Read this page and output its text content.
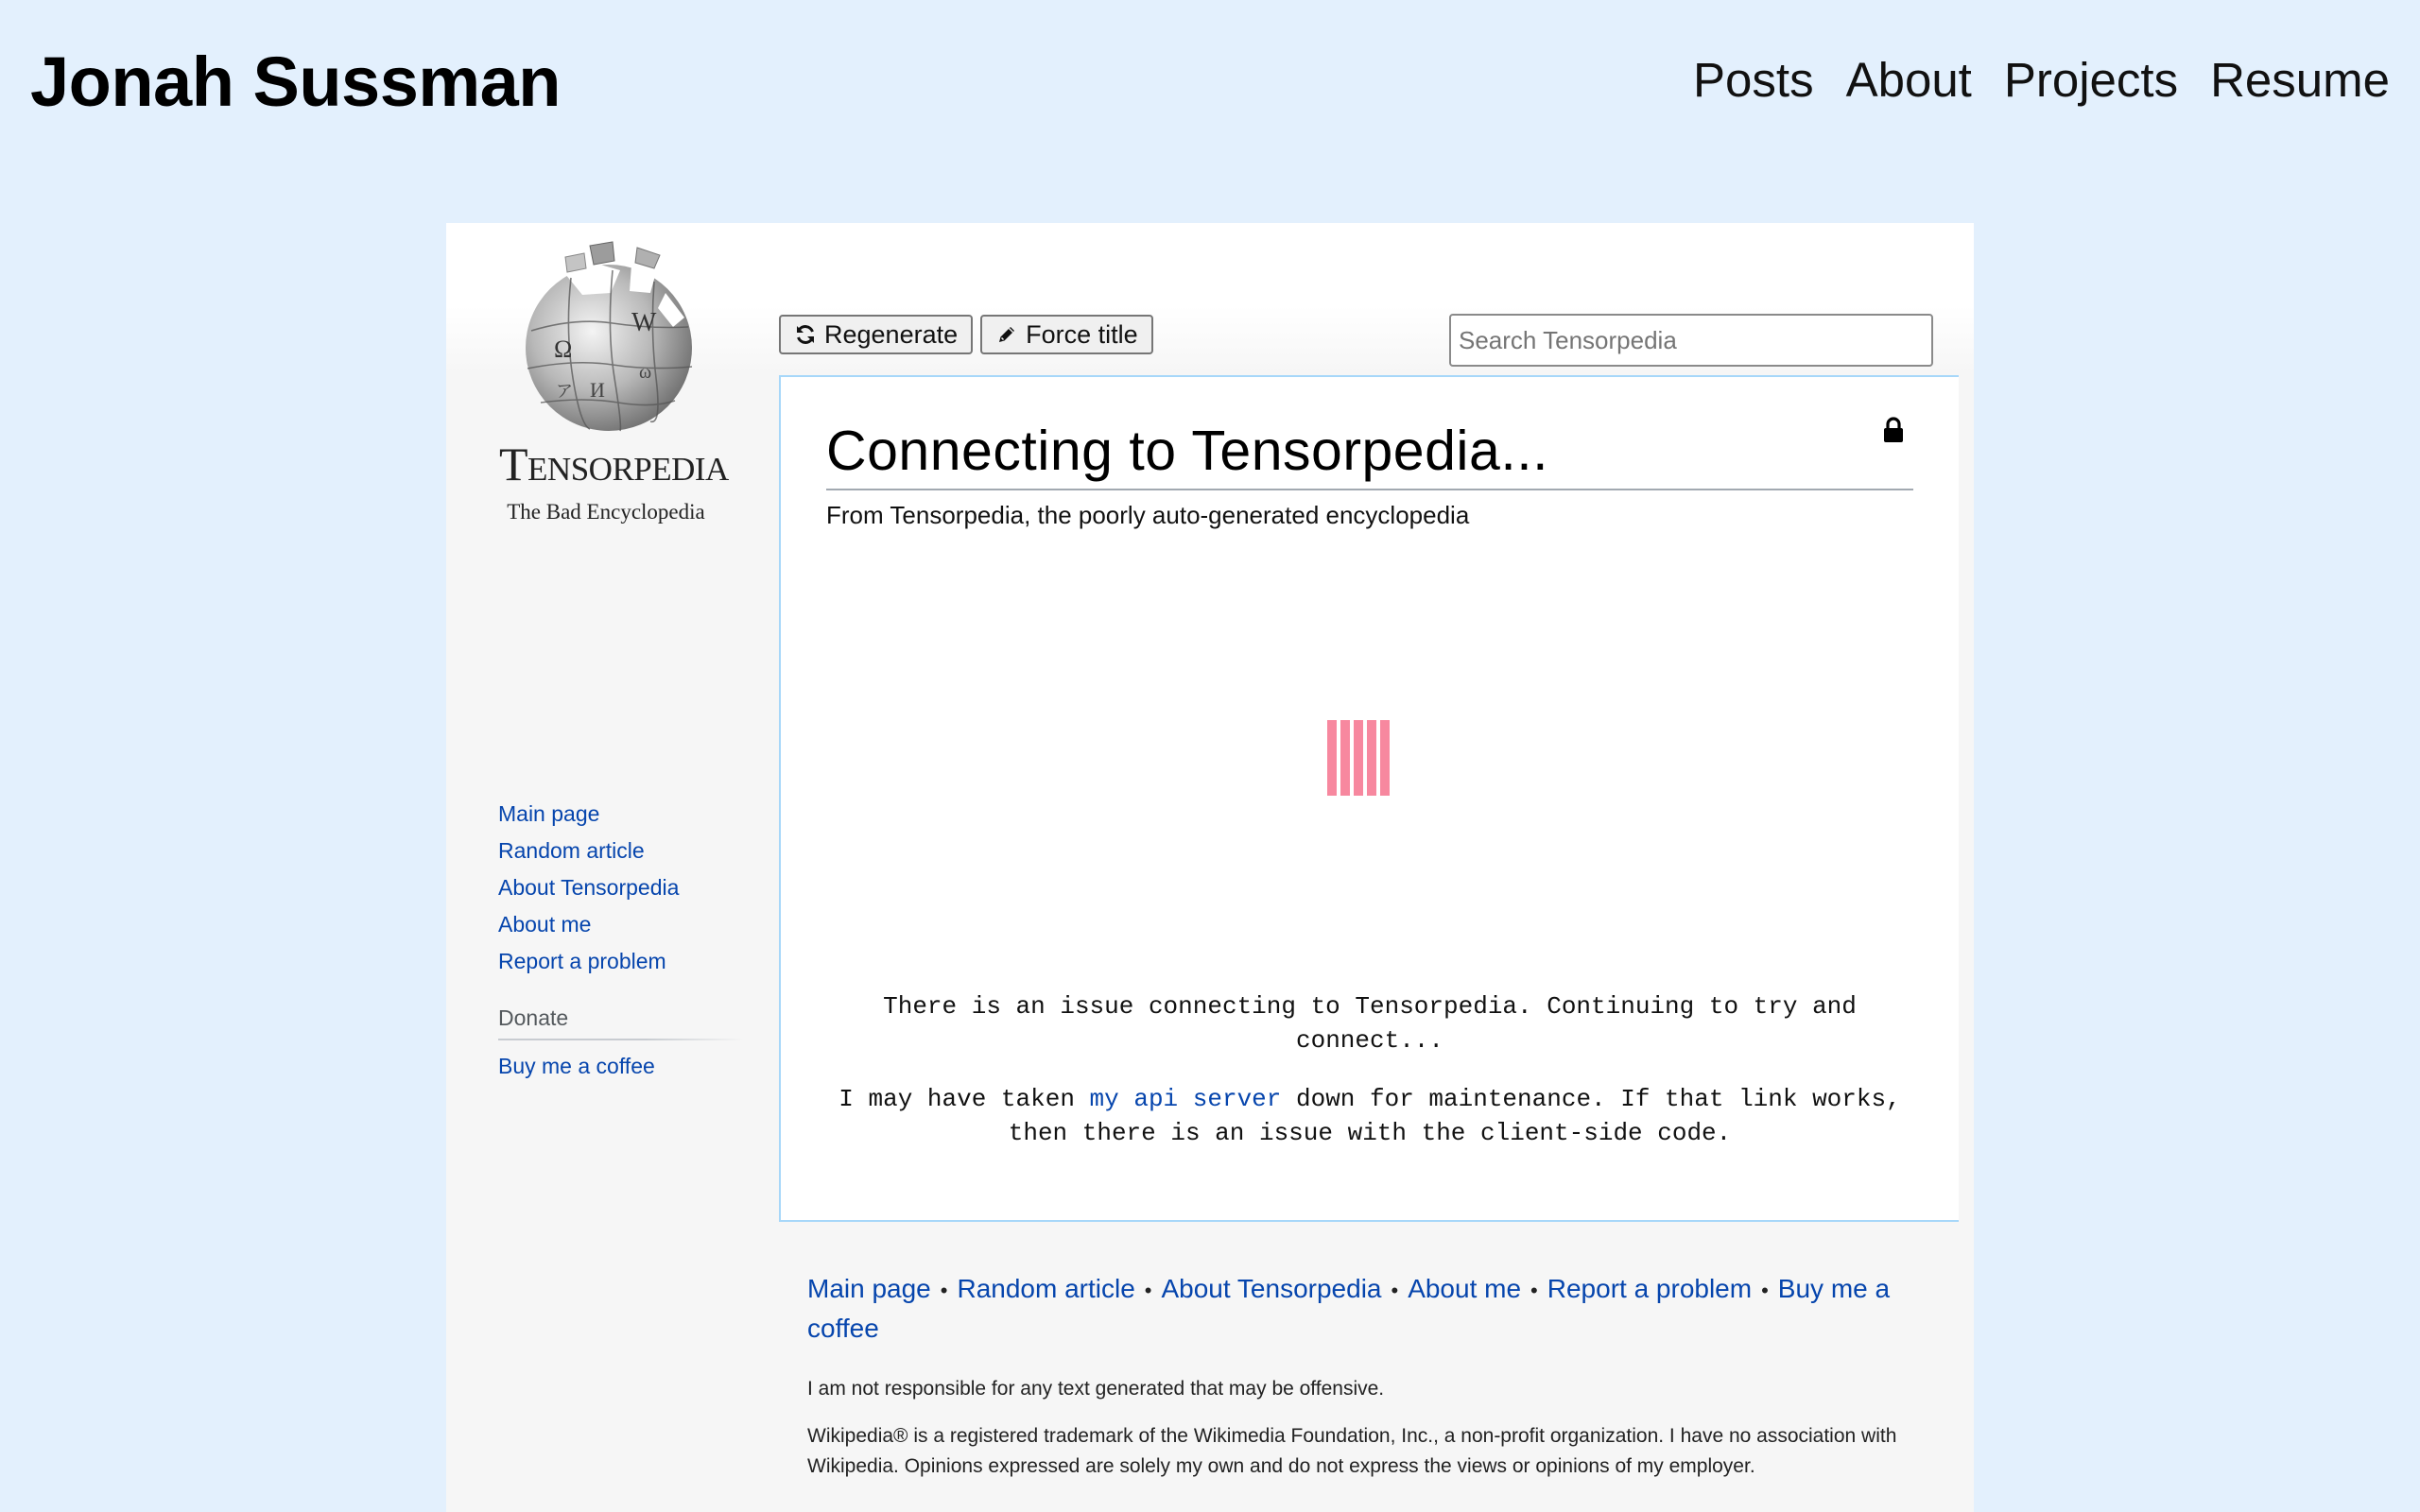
Jonah Sussman	Posts About Projects Resume
Ω
W
И
ω
ア
Tensorpedia
The Bad Encyclopedia
Main page
Random article
About Tensorpedia
About me
Report a problem
Donate
Buy me a coffee
Regenerate	Force title
Search Tensorpedia
Connecting to Tensorpedia...
From Tensorpedia, the poorly auto-generated encyclopedia

There is an issue connecting to Tensorpedia. Continuing to try and connect...

I may have taken my api server down for maintenance. If that link works, then there is an issue with the client-side code.

Main page • Random article • About Tensorpedia • About me • Report a problem • Buy me a coffee

I am not responsible for any text generated that may be offensive.

Wikipedia® is a registered trademark of the Wikimedia Foundation, Inc., a non-profit organization. I have no association with Wikipedia. Opinions expressed are solely my own and do not express the views or opinions of my employer.
